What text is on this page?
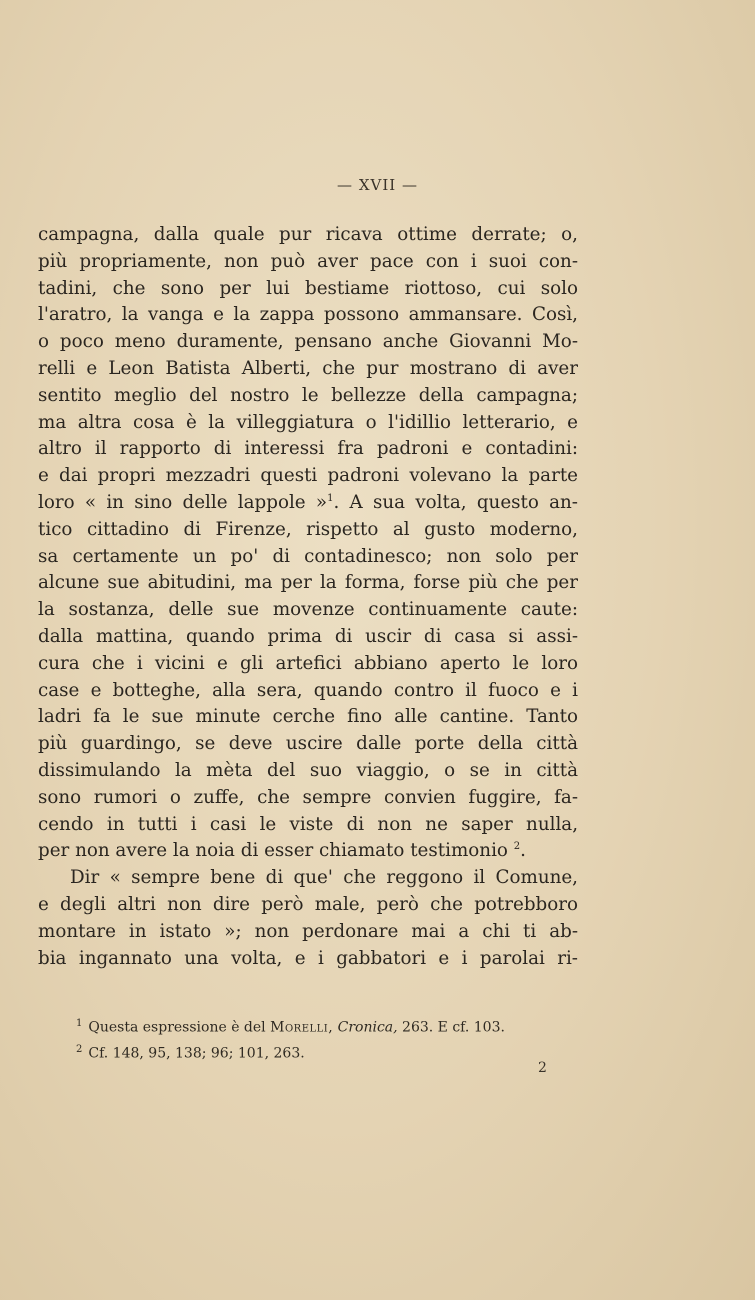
— XVII —
campagna, dalla quale pur ricava ottime derrate; o,
più propriamente, non può aver pace con i suoi con-
tadini, che sono per lui bestiame riottoso, cui solo
l'aratro, la vanga e la zappa possono ammansare. Così,
o poco meno duramente, pensano anche Giovanni Mo-
relli e Leon Batista Alberti, che pur mostrano di aver
sentito meglio del nostro le bellezze della campagna;
ma altra cosa è la villeggiatura o l'idillio letterario, e
altro il rapporto di interessi fra padroni e contadini:
e dai propri mezzadri questi padroni volevano la parte
loro « in sino delle lappole »$^1$. A sua volta, questo an-
tico cittadino di Firenze, rispetto al gusto moderno,
sa certamente un po' di contadinesco; non solo per
alcune sue abitudini, ma per la forma, forse più che per
la sostanza, delle sue movenze continuamente caute:
dalla mattina, quando prima di uscir di casa si assi-
cura che i vicini e gli artefici abbiano aperto le loro
case e botteghe, alla sera, quando contro il fuoco e i
ladri fa le sue minute cerche fino alle cantine. Tanto
più guardingo, se deve uscire dalle porte della città
dissimulando la mèta del suo viaggio, o se in città
sono rumori o zuffe, che sempre convien fuggire, fa-
cendo in tutti i casi le viste di non ne saper nulla,
per non avere la noia di esser chiamato testimonio $^2$.
Dir « sempre bene di que' che reggono il Comune,
e degli altri non dire però male, però che potrebboro
montare in istato »; non perdonare mai a chi ti ab-
bia ingannato una volta, e i gabbatori e i parolai ri-
$^1$ Questa espressione è del Morelli, Cronica, 263. E cf. 103.
$^2$ Cf. 148, 95, 138; 96; 101, 263.
2
